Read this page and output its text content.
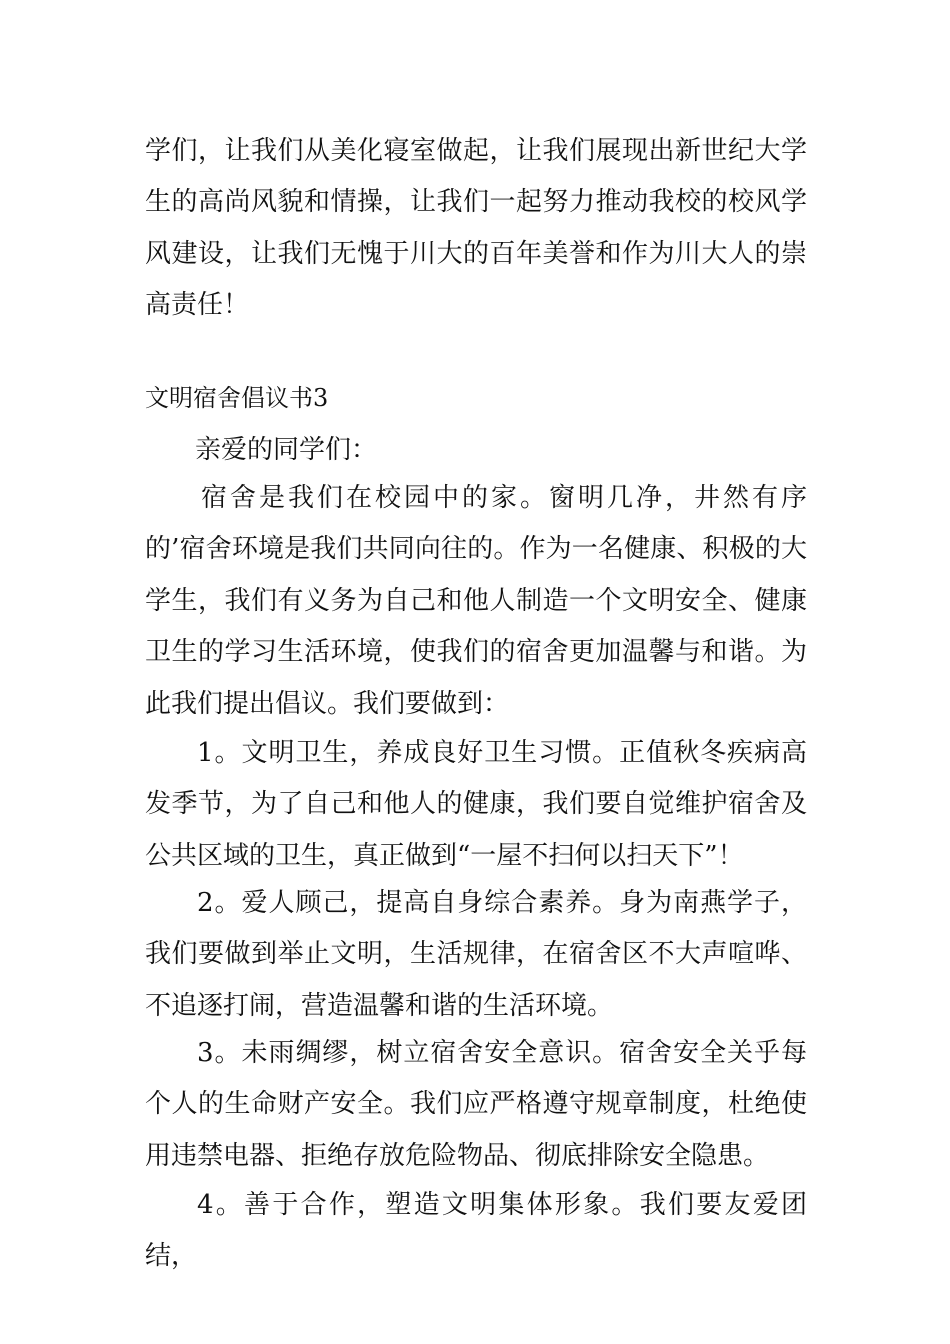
学们，让我们从美化寝室做起，让我们展现出新世纪大学生的高尚风貌和情操，让我们一起努力推动我校的校风学风建设，让我们无愧于川大的百年美誉和作为川大人的崇高责任！

文明宿舍倡议书3

亲爱的同学们：

宿舍是我们在校园中的家。窗明几净，井然有序的’宿舍环境是我们共同向往的。作为一名健康、积极的大学生，我们有义务为自己和他人制造一个文明安全、健康卫生的学习生活环境，使我们的宿舍更加温馨与和谐。为此我们提出倡议。我们要做到：

1。文明卫生，养成良好卫生习惯。正值秋冬疾病高发季节，为了自己和他人的健康，我们要自觉维护宿舍及公共区域的卫生，真正做到“一屋不扫何以扫天下”！

2。爱人顾己，提高自身综合素养。身为南燕学子，我们要做到举止文明，生活规律，在宿舍区不大声喧哗、不追逐打闹，营造温馨和谐的生活环境。

3。未雨绸缪，树立宿舍安全意识。宿舍安全关乎每个人的生命财产安全。我们应严格遵守规章制度，杜绝使用违禁电器、拒绝存放危险物品、彻底排除安全隐患。

4。善于合作，塑造文明集体形象。我们要友爱团结，
